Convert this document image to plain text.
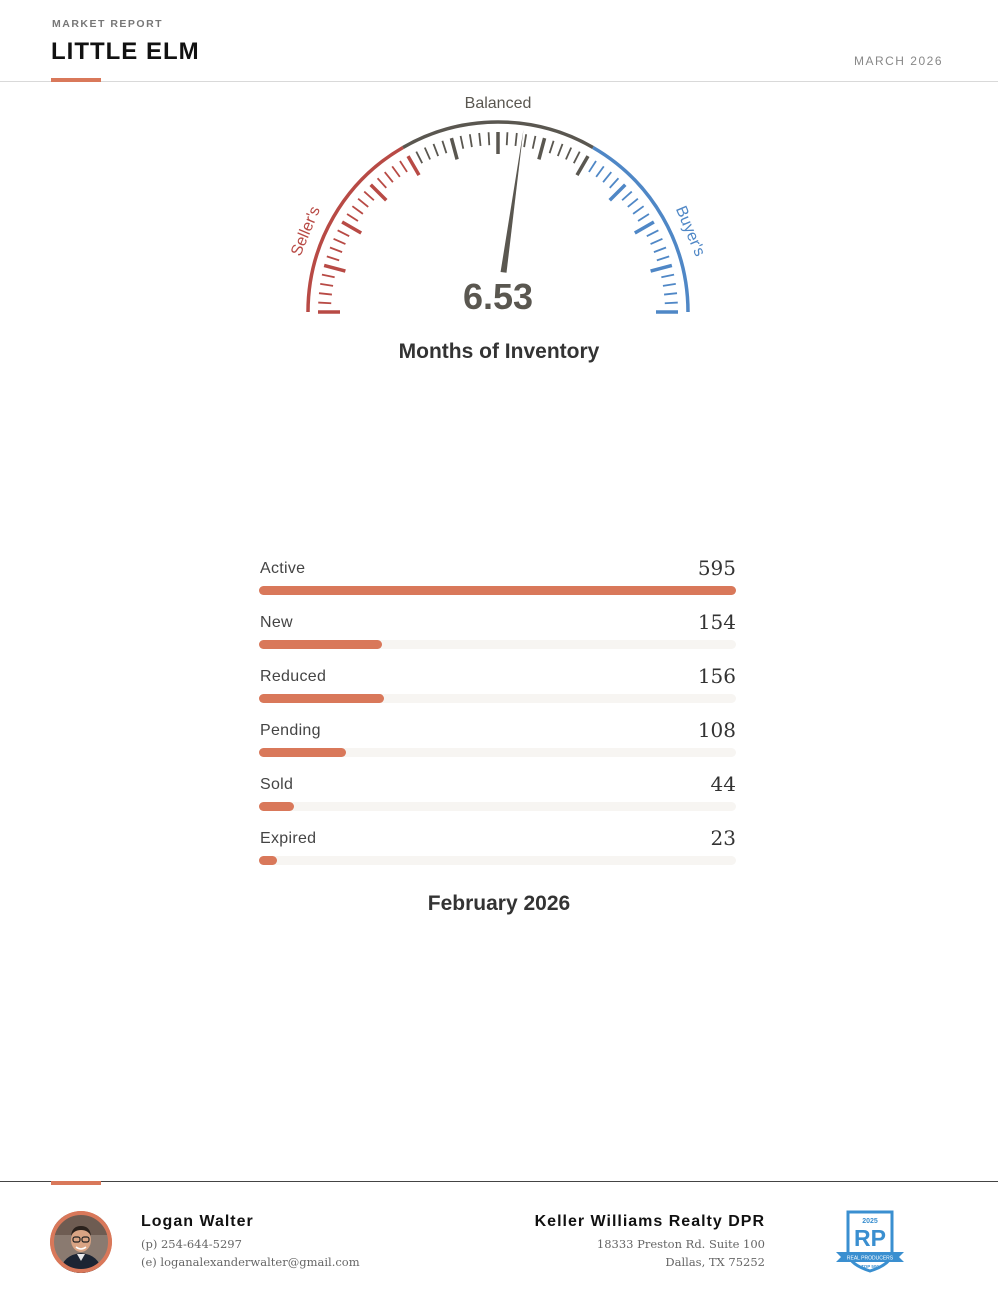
MARKET REPORT
LITTLE ELM	MARCH 2026
Seller's
Balanced
Buyer's
6.53
Months of Inventory
Active	595
New	154
Reduced	156
Pending	108
Sold	44
Expired	23
February 2026
Logan Walter
(p) 254-644-5297
(e) loganalexanderwalter@gmail.com
Keller Williams Realty DPR
18333 Preston Rd. Suite 100
Dallas, TX 75252
2025
RP
REAL PRODUCERS
TOP 500
